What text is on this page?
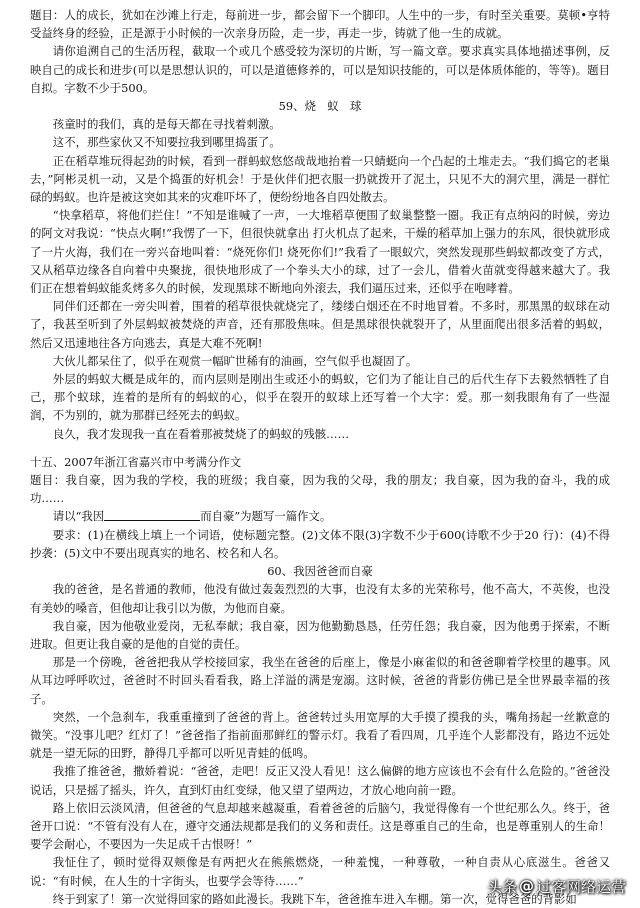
题目：人的成长，犹如在沙滩上行走，每前进一步，都会留下一个脚印。人生中的一步，有时至关重要。莫顿•亨特受益终身的经验，正是源于小时候的一次亲身历险，走一步，再走一步，铸就了他一生的成就。

请你追溯自己的生活历程，截取一个或几个感受较为深切的片断，写一篇文章。要求真实具体地描述事例，反映自己的成长和进步(可以是思想认识的，可以是道德修养的，可以是知识技能的，可以是体质体能的，等等)。题目自拟。字数不少于500。

59、烧　蚁　球

孩童时的我们，真的是每天都在寻找着刺激。

这不，那些家伙又不知要拉我到哪里捣蛋了。

正在稻草堆玩得起劲的时候，看到一群蚂蚁悠悠哉哉地抬着一只蜻蜓向一个凸起的土堆走去。“我们捣它的老巢去，”阿彬灵机一动，又是个捣蛋的好机会！于是伙伴们把衣服一扔就拨开了泥土，只见不大的洞穴里，满是一群忙碌的蚂蚁。也许是被这突如其来的灾难吓坏了，便纷纷地各自四处散去。

“快拿稻草，将他们拦住！”不知是谁喊了一声，一大堆稻草便围了蚁巢整整一圈。我正有点纳闷的时候，旁边的阿文对我说：“快点火啊!”我愣了一下，但很快就拿出 打火机点了起来，干燥的稻草加上强力的东风，很快就形成了一片火海，我们在一旁兴奋地叫着：“烧死你们! 烧死你们!”我看了一眼蚁穴，突然发现那些蚂蚁都改变了方式，又从稻草边缘各自向着中央聚拢，很快地形成了一个拳头大小的球，过了一会儿，借着火苗就变得越来越大了。我们正在想着蚂蚁能炙烤多久的时候，发现黑球不断地向外滚去，我们逼压过来，还似乎在咆哮着。

同伴们还都在一旁尖叫着，围着的稻草很快就烧完了，缕缕白烟还在不时地冒着。不多时，那黑黑的蚁球在动了，我甚至听到了外层蚂蚁被焚烧的声音，还有那股焦味。但是黑球很快就裂开了，从里面爬出很多活着的蚂蚁，然后又迅速地往各方向逃去，真是大难不死啊!

大伙儿都呆住了，似乎在观赏一幅旷世稀有的油画，空气似乎也凝固了。

外层的蚂蚁大概是成年的，而内层则是刚出生或还小的蚂蚁，它们为了能让自己的后代生存下去毅然牺牲了自己，那个蚁球，连着的是所有的蚂蚁的心，似乎在裂开的蚁球上还写着一个大字：爱。那一刻我眼角有了一些湿润，不为别的，就为那群已经死去的蚂蚁。

良久，我才发现我一直在看着那被焚烧了的蚂蚁的残骸……

十五、2007年浙江省嘉兴市中考满分作文

题目：我自豪，因为我的学校，我的班级；我自豪，因为我的父母，我的朋友；我自豪，因为我的奋斗，我的成功……

请以“我因	而自豪”为题写一篇作文。

要求：(1)在横线上填上一个词语，使标题完整。(2)文体不限(3)字数不少于600(诗歌不少于20 行)：(4)不得抄袭：(5)文中不要出现真实的地名、校名和人名。

60、我因爸爸而自豪

我的爸爸，是名普通的教师，他没有做过轰轰烈烈的大事，也没有太多的光荣称号，他不高大，不英俊，也没有美妙的嗓音，但他却让我引以为傲，为他而自豪。

我自豪，因为他敬业爱岗，无私奉献；我自豪，因为他勤勤恳恳，任劳任怨；我自豪，因为他勇于探索，不断进取。但更让我自豪的是他的自觉的责任。

那是一个傍晚，爸爸把我从学校接回家，我坐在爸爸的后座上，像是小麻雀似的和爸爸聊着学校里的趣事。风从耳边呼呼吹过，爸爸时不时回头看看我，路上洋溢的满是宠溺。这时候，爸爸的背影仿佛已是全世界最幸福的孩子。

突然，一个急刹车，我重重撞到了爸爸的背上。爸爸转过头用宽厚的大手摸了摸我的头，嘴角扬起一丝歉意的微笑。“没事儿吧？红灯了！”爸爸指了指前面那鲜红的警示灯。我看了看四周，几乎连个人影都没有，路边不远处就是一望无际的田野，静得几乎都可以听见青蛙的低鸣。

我推了推爸爸，撒娇着说：“爸爸，走吧！反正又没人看见！这么偏僻的地方应该也不会有什么危险的。”爸爸没说话，只是摇了摇头，许久，直到灯由红变绿，他又望了望两边，才放心地向前一蹬。

路上依旧云淡风清，但爸爸的气息却越来越凝重，看着爸爸的后脑勺，我觉得像有一个世纪那么久。终于，爸爸开口说：“不管有没有人在，遵守交通法规都是我们的义务和责任。这是尊重自己的生命，也是尊重别人的生命！要学会耐心，不要因为一失足成千古恨呀！”

我怔住了，顿时觉得双颊像是有两把火在熊熊燃烧，一种羞愧，一种尊敬，一种自责从心底滋生。爸爸又说：“有时候，在人生的十字街头，也要学会等待……”

终于到家了！第一次觉得回家的路如此漫长。我跳下车，爸爸推车进入车棚。第一次，觉得爸爸的背影如

头条 @ 过客网络运营
